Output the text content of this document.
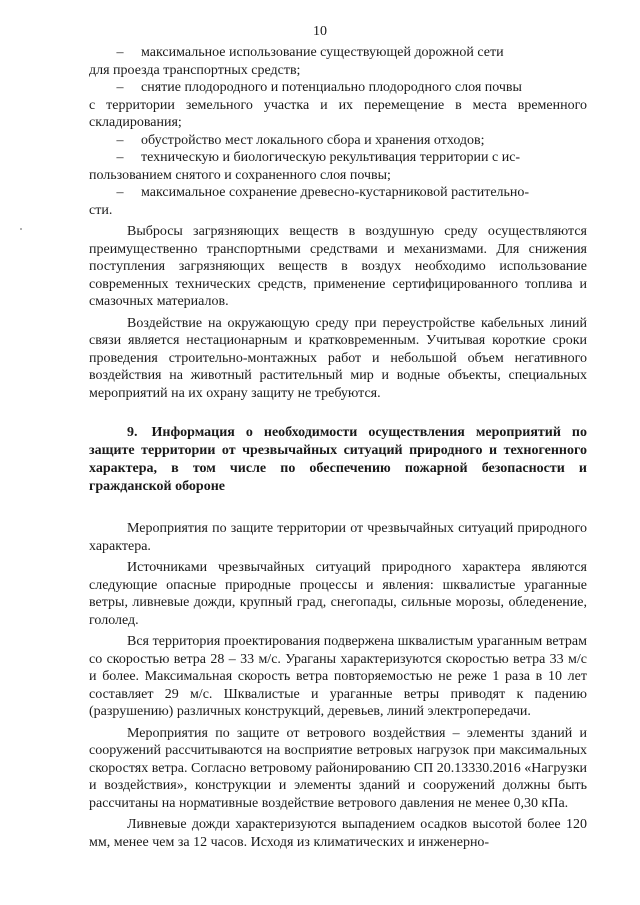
10
–	максимальное использование существующей дорожной сети
для проезда транспортных средств;
–	снятие плодородного и потенциально плодородного слоя почвы
с территории земельного участка и их перемещение в места временного складирования;
–	обустройство мест локального сбора и хранения отходов;
–	техническую и биологическую рекультивация территории с ис-
пользованием снятого и сохраненного слоя почвы;
–	максимальное сохранение древесно-кустарниковой растительно-
сти.

Выбросы загрязняющих веществ в воздушную среду осуществляются преимущественно транспортными средствами и механизмами. Для снижения поступления загрязняющих веществ в воздух необходимо использование современных технических средств, применение сертифицированного топлива и смазочных материалов.

Воздействие на окружающую среду при переустройстве кабельных линий связи является нестационарным и кратковременным. Учитывая короткие сроки проведения строительно-монтажных работ и небольшой объем негативного воздействия на животный растительный мир и водные объекты, специальных мероприятий на их охрану защиту не требуются.

9. Информация о необходимости осуществления мероприятий по защите территории от чрезвычайных ситуаций природного и техногенного характера, в том числе по обеспечению пожарной безопасности и гражданской обороне

Мероприятия по защите территории от чрезвычайных ситуаций природного характера.

Источниками чрезвычайных ситуаций природного характера являются следующие опасные природные процессы и явления: шквалистые ураганные ветры, ливневые дожди, крупный град, снегопады, сильные морозы, обледенение, гололед.

Вся территория проектирования подвержена шквалистым ураганным ветрам со скоростью ветра 28 – 33 м/с. Ураганы характеризуются скоростью ветра 33 м/с и более. Максимальная скорость ветра повторяемостью не реже 1 раза в 10 лет составляет 29 м/с. Шквалистые и ураганные ветры приводят к падению (разрушению) различных конструкций, деревьев, линий электропередачи.

Мероприятия по защите от ветрового воздействия – элементы зданий и сооружений рассчитываются на восприятие ветровых нагрузок при максимальных скоростях ветра. Согласно ветровому районированию СП 20.13330.2016 «Нагрузки и воздействия», конструкции и элементы зданий и сооружений должны быть рассчитаны на нормативные воздействие ветрового давления не менее 0,30 кПа.

Ливневые дожди характеризуются выпадением осадков высотой более 120 мм, менее чем за 12 часов. Исходя из климатических и инженерно-
